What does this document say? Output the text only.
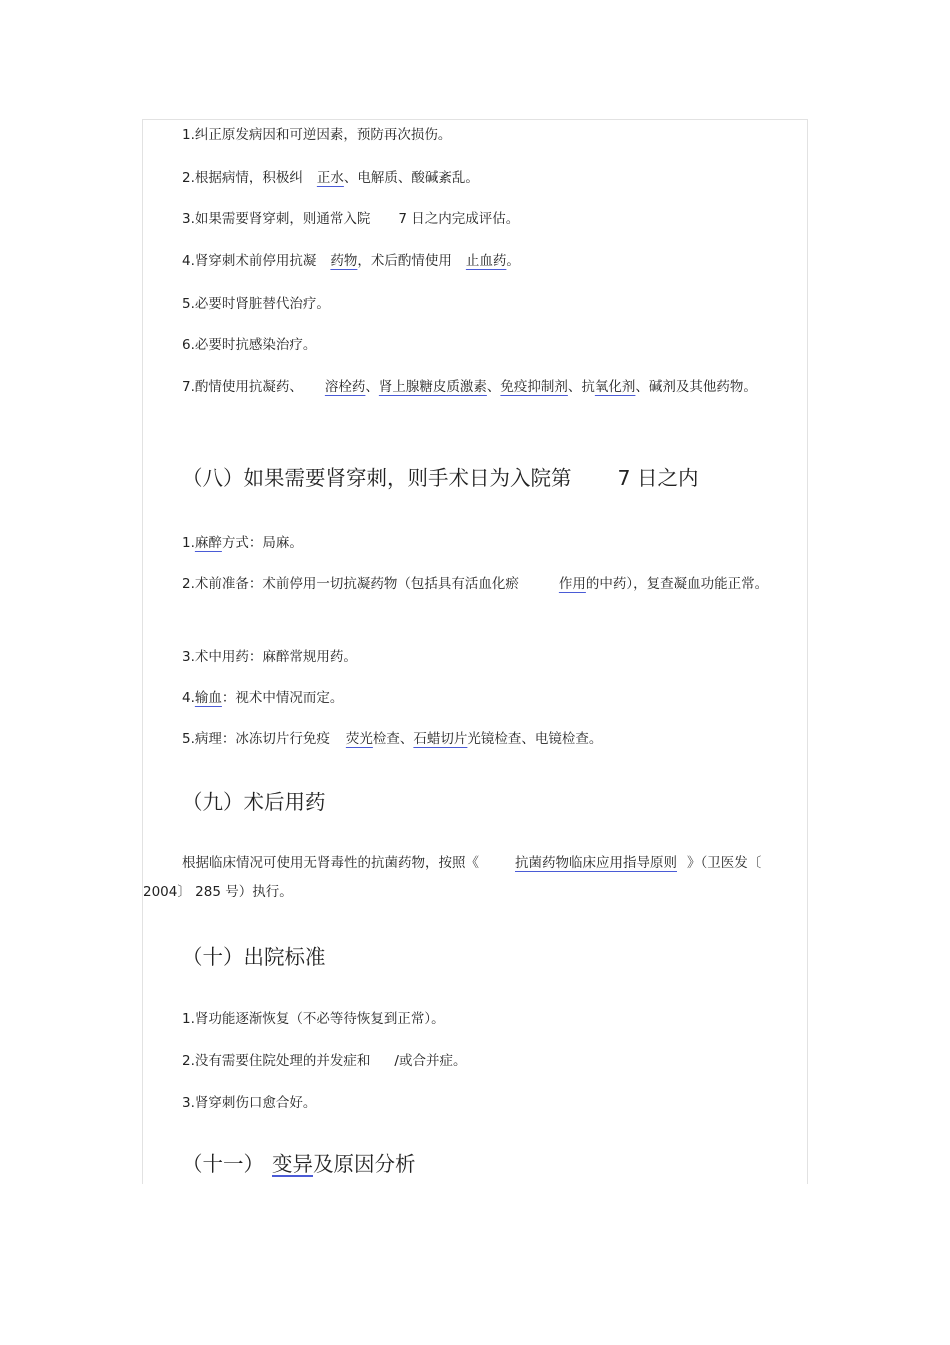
1.纠正原发病因和可逆因素，预防再次损伤。
2.根据病情，积极纠 正水、电解质、酸碱紊乱。
3.如果需要肾穿刺，则通常入院 7 日之内完成评估。
4.肾穿刺术前停用抗凝 药物，术后酌情使用 止血药。
5.必要时肾脏替代治疗。
6.必要时抗感染治疗。
7.酌情使用抗凝药、 溶栓药、肾上腺糖皮质激素、免疫抑制剂、抗氧化剂、碱剂及其他药物。
（八）如果需要肾穿刺，则手术日为入院第 7 日之内
1.麻醉方式：局麻。
2.术前准备：术前停用一切抗凝药物（包括具有活血化瘀	作用的中药），复查凝血功能正常。
3.术中用药：麻醉常规用药。
4.输血：视术中情况而定。
5.病理：冰冻切片行免疫 荧光检查、石蜡切片光镜检查、电镜检查。
（九）术后用药
根据临床情况可使用无肾毒性的抗菌药物，按照《	抗菌药物临床应用指导原则 》（卫医发〔 2004〕 285 号）执行。
（十）出院标准
1.肾功能逐渐恢复（不必等待恢复到正常）。
2.没有需要住院处理的并发症和 /或合并症。
3.肾穿刺伤口愈合好。
（十一） 变异及原因分析
